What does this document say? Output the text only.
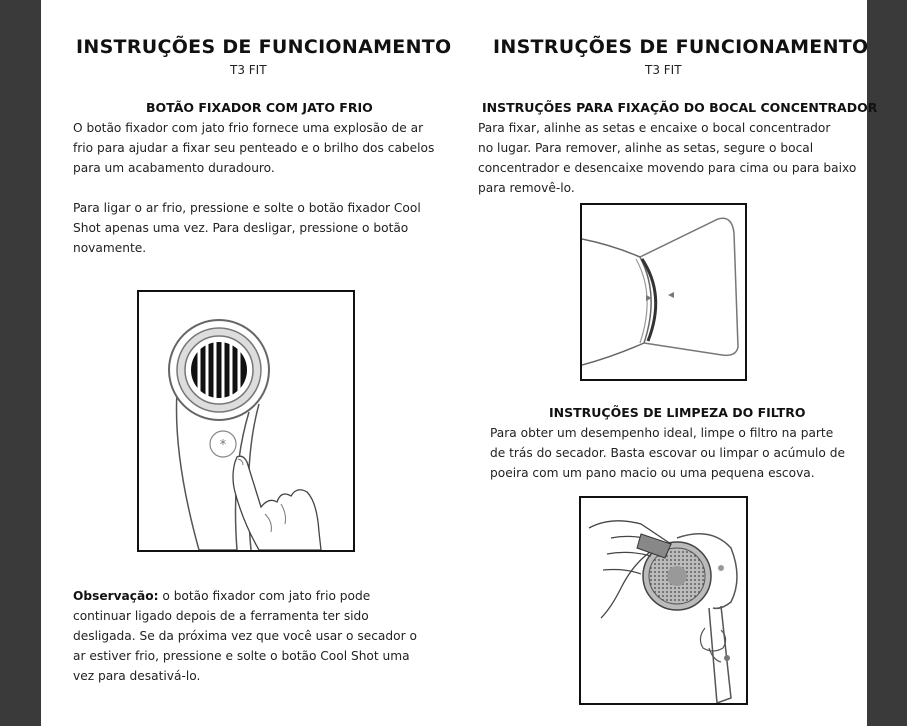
INSTRUÇÕES DE FUNCIONAMENTO
T3 FIT
BOTÃO FIXADOR COM JATO FRIO
O botão fixador com jato frio fornece uma explosão de ar
frio para ajudar a fixar seu penteado e o brilho dos cabelos
para um acabamento duradouro.
Para ligar o ar frio, pressione e solte o botão fixador Cool
Shot apenas uma vez. Para desligar, pressione o botão
novamente.
*
Observação: o botão fixador com jato frio pode
continuar ligado depois de a ferramenta ter sido
desligada. Se da próxima vez que você usar o secador o
ar estiver frio, pressione e solte o botão Cool Shot uma
vez para desativá-lo.
INSTRUÇÕES DE FUNCIONAMENTO
T3 FIT
INSTRUÇÕES PARA FIXAÇÃO DO BOCAL CONCENTRADOR
Para fixar, alinhe as setas e encaixe o bocal concentrador
no lugar. Para remover, alinhe as setas, segure o bocal
concentrador e desencaixe movendo para cima ou para baixo
para removê-lo.
INSTRUÇÕES DE LIMPEZA DO FILTRO
Para obter um desempenho ideal, limpe o filtro na parte
de trás do secador. Basta escovar ou limpar o acúmulo de
poeira com um pano macio ou uma pequena escova.
